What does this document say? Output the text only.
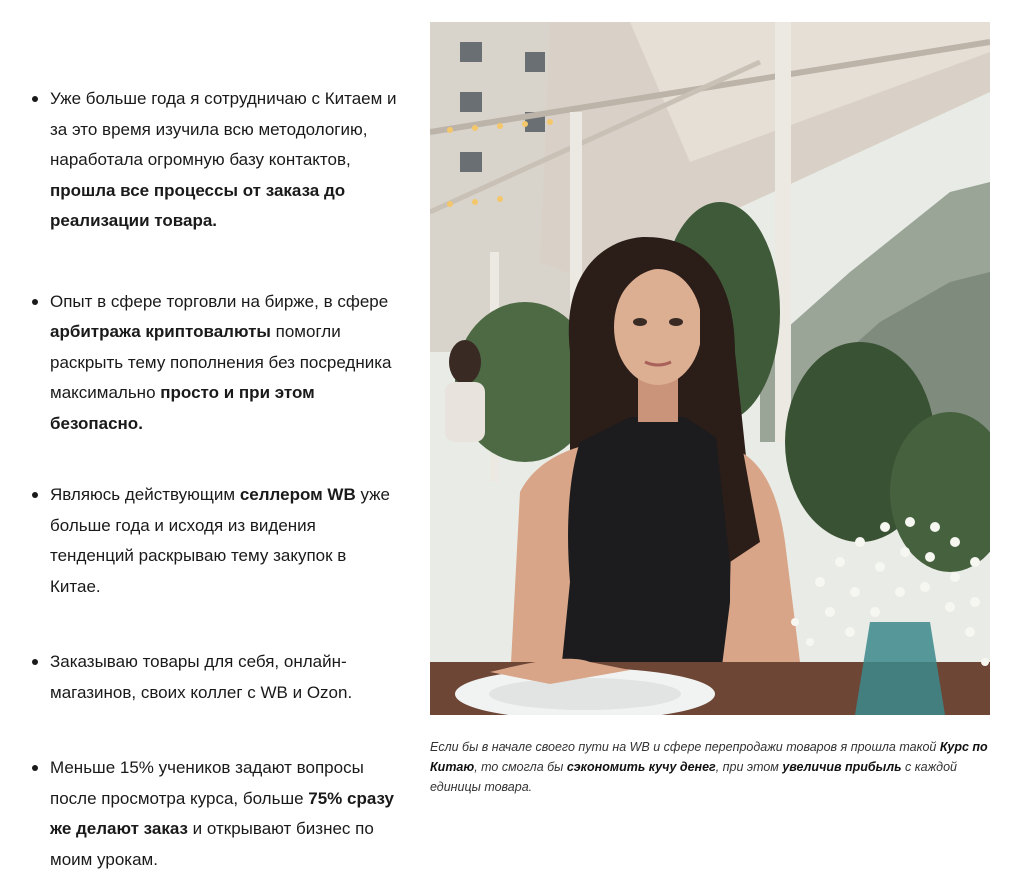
Уже больше года я сотрудничаю с Китаем и за это время изучила всю методологию, наработала огромную базу контактов, прошла все процессы от заказа до реализации товара.
Опыт в сфере торговли на бирже, в сфере арбитража криптовалюты помогли раскрыть тему пополнения без посредника максимально просто и при этом безопасно.
Являюсь действующим селлером WB уже больше года и исходя из видения тенденций раскрываю тему закупок в Китае.
Заказываю товары для себя, онлайн-магазинов, своих коллег с WB и Ozon.
Меньше 15% учеников задают вопросы после просмотра курса, больше 75% сразу же делают заказ и открывают бизнес по моим урокам.

Если бы в начале своего пути на WB и сфере перепродажи товаров я прошла такой Курс по Китаю, то смогла бы сэкономить кучу денег, при этом увеличив прибыль с каждой единицы товара.
